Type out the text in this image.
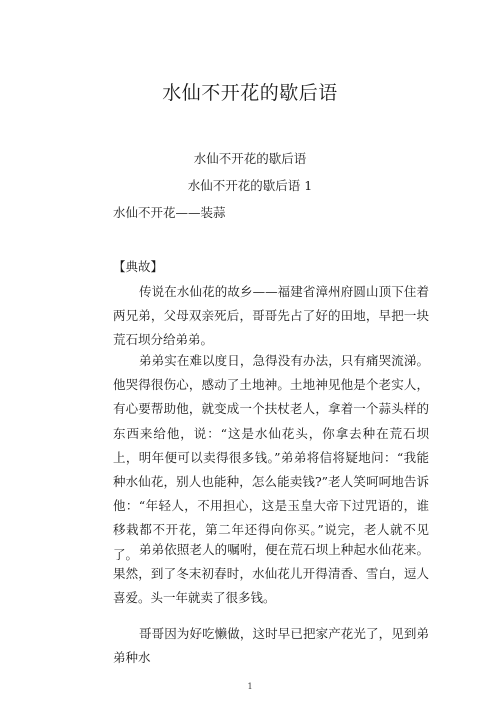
水仙不开花的歇后语

水仙不开花的歇后语

水仙不开花的歇后语 1

水仙不开花——装蒜

【典故】

传说在水仙花的故乡——福建省漳州府圆山顶下住着两兄弟，父母双亲死后，哥哥先占了好的田地，早把一块荒石坝分给弟弟。

弟弟实在难以度日，急得没有办法，只有痛哭流涕。他哭得很伤心，感动了土地神。土地神见他是个老实人，有心要帮助他，就变成一个扶杖老人，拿着一个蒜头样的东西来给他，说：“这是水仙花头，你拿去种在荒石坝上，明年便可以卖得很多钱。”弟弟将信将疑地问：“我能种水仙花，别人也能种，怎么能卖钱?”老人笑呵呵地告诉他：“年轻人，不用担心，这是玉皇大帝下过咒语的，谁移栽都不开花，第二年还得向你买。”说完，老人就不见了。 弟弟依照老人的嘱咐，便在荒石坝上种起水仙花来。果然，到了冬末初春时，水仙花儿开得清香、雪白，逗人喜爱。头一年就卖了很多钱。

哥哥因为好吃懒做，这时早已把家产花光了，见到弟弟种水

1
